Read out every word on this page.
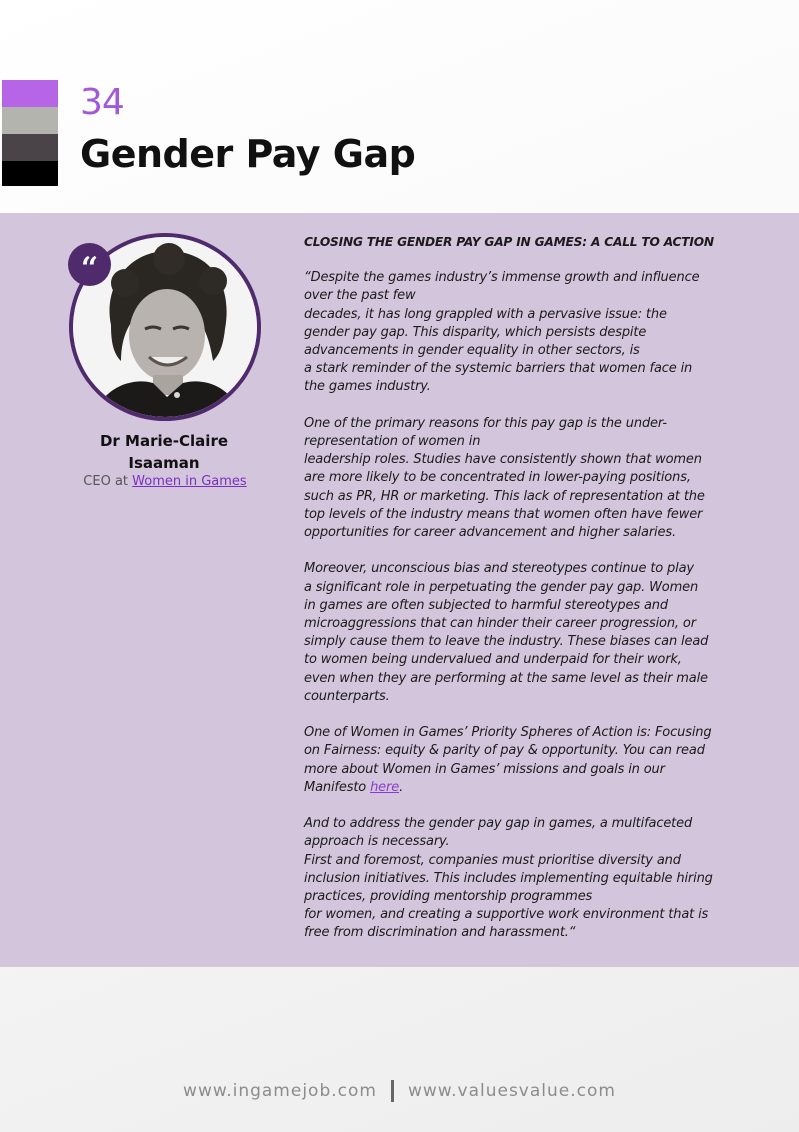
34
Gender Pay Gap
“
Dr Marie-Claire Isaaman
CEO at Women in Games
CLOSING THE GENDER PAY GAP IN GAMES: A CALL TO ACTION

“Despite the games industry’s immense growth and influence
over the past few
decades, it has long grappled with a pervasive issue: the
gender pay gap. This disparity, which persists despite
advancements in gender equality in other sectors, is
a stark reminder of the systemic barriers that women face in
the games industry.

One of the primary reasons for this pay gap is the under-
representation of women in
leadership roles. Studies have consistently shown that women
are more likely to be concentrated in lower-paying positions,
such as PR, HR or marketing. This lack of representation at the
top levels of the industry means that women often have fewer
opportunities for career advancement and higher salaries.

Moreover, unconscious bias and stereotypes continue to play
a significant role in perpetuating the gender pay gap. Women
in games are often subjected to harmful stereotypes and
microaggressions that can hinder their career progression, or
simply cause them to leave the industry. These biases can lead
to women being undervalued and underpaid for their work,
even when they are performing at the same level as their male
counterparts.

One of Women in Games’ Priority Spheres of Action is: Focusing
on Fairness: equity & parity of pay & opportunity. You can read
more about Women in Games’ missions and goals in our
Manifesto here.

And to address the gender pay gap in games, a multifaceted
approach is necessary.
First and foremost, companies must prioritise diversity and
inclusion initiatives. This includes implementing equitable hiring
practices, providing mentorship programmes
for women, and creating a supportive work environment that is
free from discrimination and harassment.“

www.ingamejob.com www.valuesvalue.com
